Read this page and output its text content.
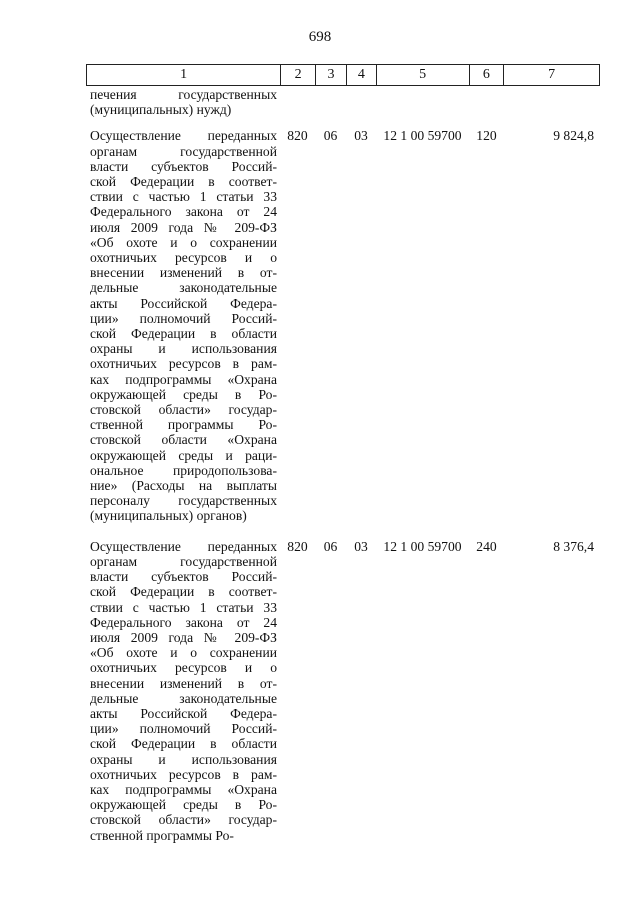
698
1	2	3	4	5	6	7
печения государственных
(муниципальных) нужд)
Осуществление переданных
органам государственной
власти субъектов Россий-
ской Федерации в соответ-
ствии с частью 1 статьи 33
Федерального закона от 24
июля 2009 года № 209-ФЗ
«Об охоте и о сохранении
охотничьих ресурсов и о
внесении изменений в от-
дельные законодательные
акты Российской Федера-
ции» полномочий Россий-
ской Федерации в области
охраны и использования
охотничьих ресурсов в рам-
ках подпрограммы «Охрана
окружающей среды в Ро-
стовской области» государ-
ственной программы Ро-
стовской области «Охрана
окружающей среды и раци-
ональное природопользова-
ние» (Расходы на выплаты
персоналу государственных
(муниципальных) органов)
820	06	03	12 1 00 59700	120	9 824,8
Осуществление переданных
органам государственной
власти субъектов Россий-
ской Федерации в соответ-
ствии с частью 1 статьи 33
Федерального закона от 24
июля 2009 года № 209-ФЗ
«Об охоте и о сохранении
охотничьих ресурсов и о
внесении изменений в от-
дельные законодательные
акты Российской Федера-
ции» полномочий Россий-
ской Федерации в области
охраны и использования
охотничьих ресурсов в рам-
ках подпрограммы «Охрана
окружающей среды в Ро-
стовской области» государ-
ственной программы Ро-
820	06	03	12 1 00 59700	240	8 376,4
